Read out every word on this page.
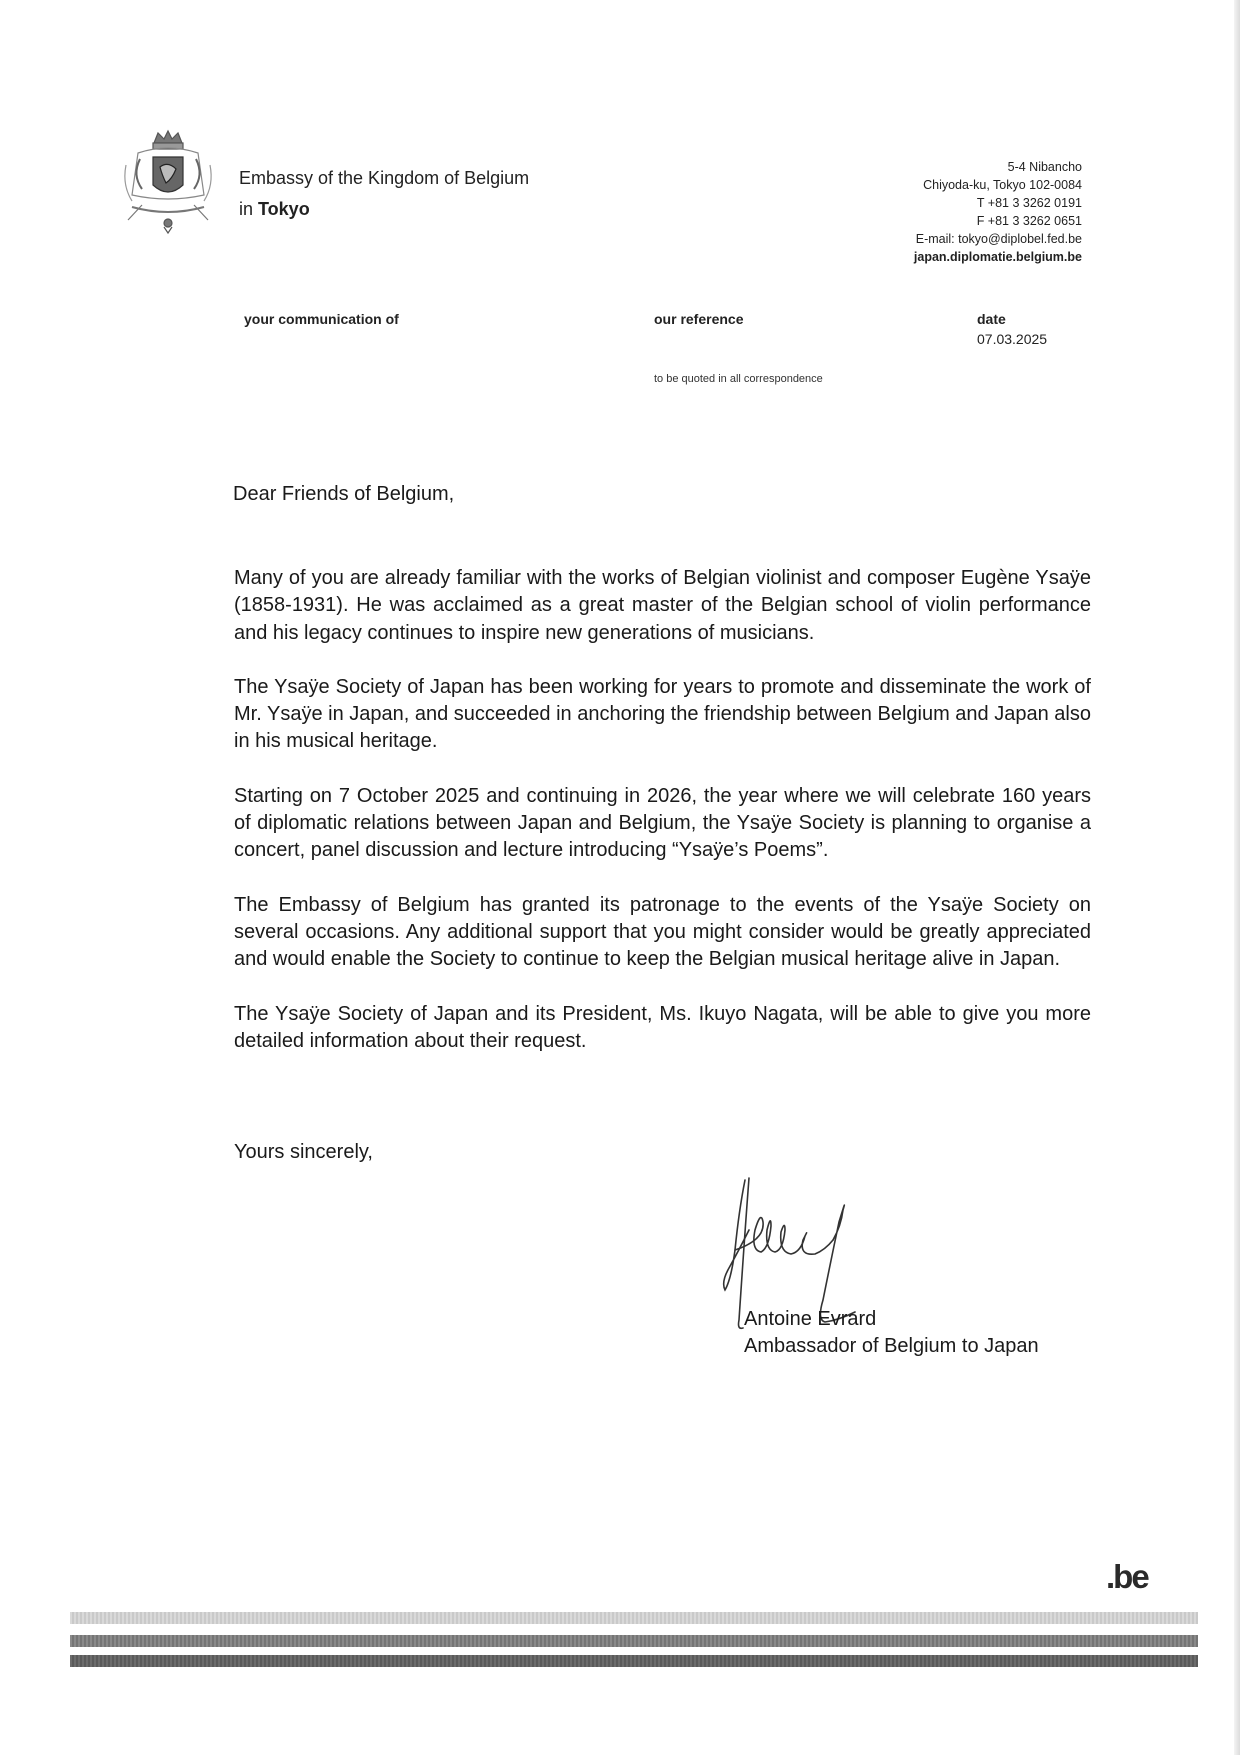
Embassy of the Kingdom of Belgium
in Tokyo
5-4 Nibancho
Chiyoda-ku, Tokyo 102-0084
T +81 3 3262 0191
F +81 3 3262 0651
E-mail: tokyo@diplobel.fed.be
japan.diplomatie.belgium.be
your communication of	our reference	date
07.03.2025
to be quoted in all correspondence
Dear Friends of Belgium,

Many of you are already familiar with the works of Belgian violinist and composer Eugène Ysaÿe (1858-1931). He was acclaimed as a great master of the Belgian school of violin performance and his legacy continues to inspire new generations of musicians.

The Ysaÿe Society of Japan has been working for years to promote and disseminate the work of Mr. Ysaÿe in Japan, and succeeded in anchoring the friendship between Belgium and Japan also in his musical heritage.

Starting on 7 October 2025 and continuing in 2026, the year where we will celebrate 160 years of diplomatic relations between Japan and Belgium, the Ysaÿe Society is planning to organise a concert, panel discussion and lecture introducing “Ysaÿe’s Poems”.

The Embassy of Belgium has granted its patronage to the events of the Ysaÿe Society on several occasions. Any additional support that you might consider would be greatly appreciated and would enable the Society to continue to keep the Belgian musical heritage alive in Japan.

The Ysaÿe Society of Japan and its President, Ms. Ikuyo Nagata, will be able to give you more detailed information about their request.

Yours sincerely,
Antoine Evrard
Ambassador of Belgium to Japan
.be
